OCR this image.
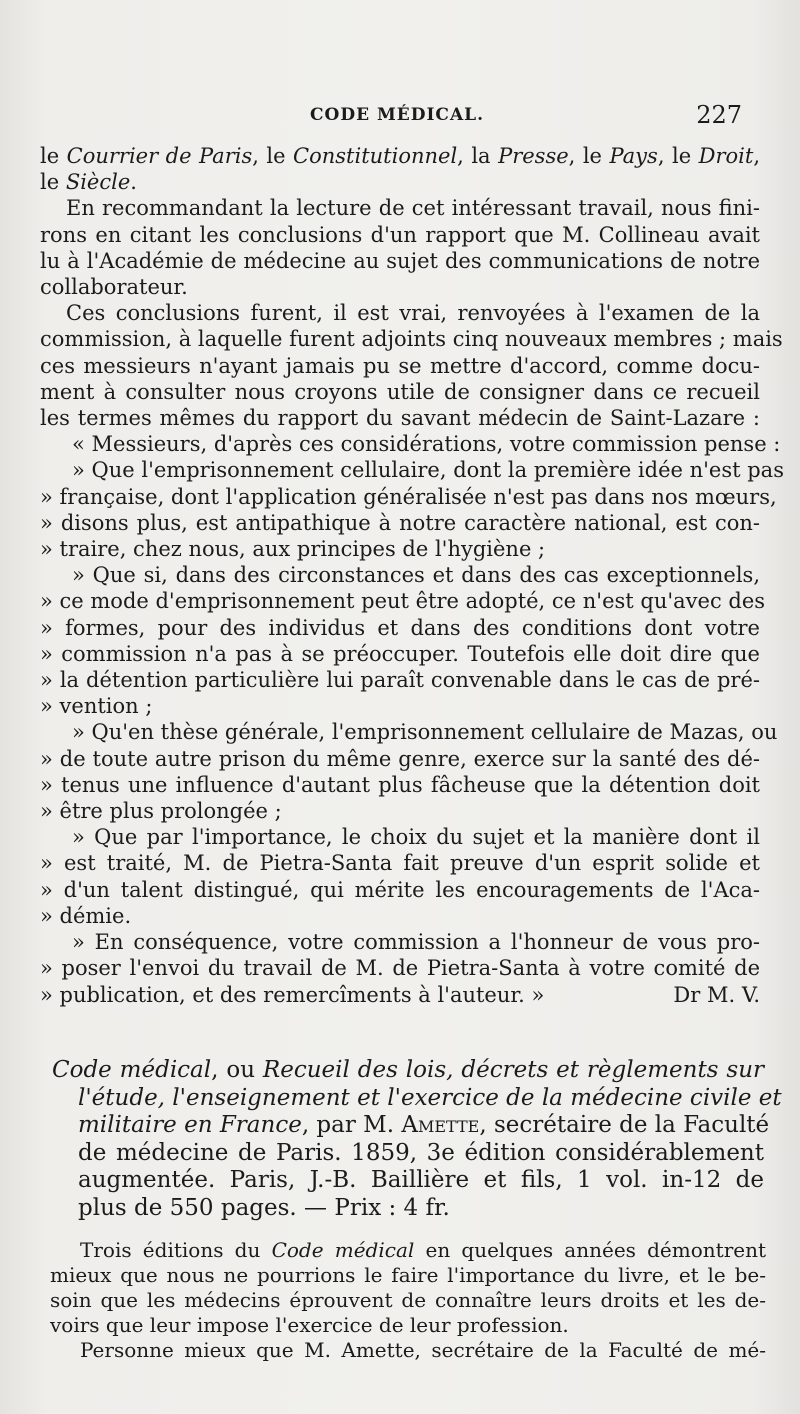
CODE MÉDICAL.	227
le Courrier de Paris, le Constitutionnel, la Presse, le Pays, le Droit,
le Siècle.
En recommandant la lecture de cet intéressant travail, nous fini-
rons en citant les conclusions d'un rapport que M. Collineau avait
lu à l'Académie de médecine au sujet des communications de notre
collaborateur.
Ces conclusions furent, il est vrai, renvoyées à l'examen de la
commission, à laquelle furent adjoints cinq nouveaux membres ; mais
ces messieurs n'ayant jamais pu se mettre d'accord, comme docu-
ment à consulter nous croyons utile de consigner dans ce recueil
les termes mêmes du rapport du savant médecin de Saint-Lazare :
« Messieurs, d'après ces considérations, votre commission pense :
» Que l'emprisonnement cellulaire, dont la première idée n'est pas
» française, dont l'application généralisée n'est pas dans nos mœurs,
» disons plus, est antipathique à notre caractère national, est con-
» traire, chez nous, aux principes de l'hygiène ;
» Que si, dans des circonstances et dans des cas exceptionnels,
» ce mode d'emprisonnement peut être adopté, ce n'est qu'avec des
» formes, pour des individus et dans des conditions dont votre
» commission n'a pas à se préoccuper. Toutefois elle doit dire que
» la détention particulière lui paraît convenable dans le cas de pré-
» vention ;
» Qu'en thèse générale, l'emprisonnement cellulaire de Mazas, ou
» de toute autre prison du même genre, exerce sur la santé des dé-
» tenus une influence d'autant plus fâcheuse que la détention doit
» être plus prolongée ;
» Que par l'importance, le choix du sujet et la manière dont il
» est traité, M. de Pietra-Santa fait preuve d'un esprit solide et
» d'un talent distingué, qui mérite les encouragements de l'Aca-
» démie.
» En conséquence, votre commission a l'honneur de vous pro-
» poser l'envoi du travail de M. de Pietra-Santa à votre comité de
» publication, et des remercîments à l'auteur. »	Dr M. V.
Code médical, ou Recueil des lois, décrets et règlements sur
l'étude, l'enseignement et l'exercice de la médecine civile et
militaire en France, par M. Amette, secrétaire de la Faculté
de médecine de Paris. 1859, 3e édition considérablement
augmentée. Paris, J.-B. Baillière et fils, 1 vol. in-12 de
plus de 550 pages. — Prix : 4 fr.
Trois éditions du Code médical en quelques années démontrent
mieux que nous ne pourrions le faire l'importance du livre, et le be-
soin que les médecins éprouvent de connaître leurs droits et les de-
voirs que leur impose l'exercice de leur profession.
Personne mieux que M. Amette, secrétaire de la Faculté de mé-
